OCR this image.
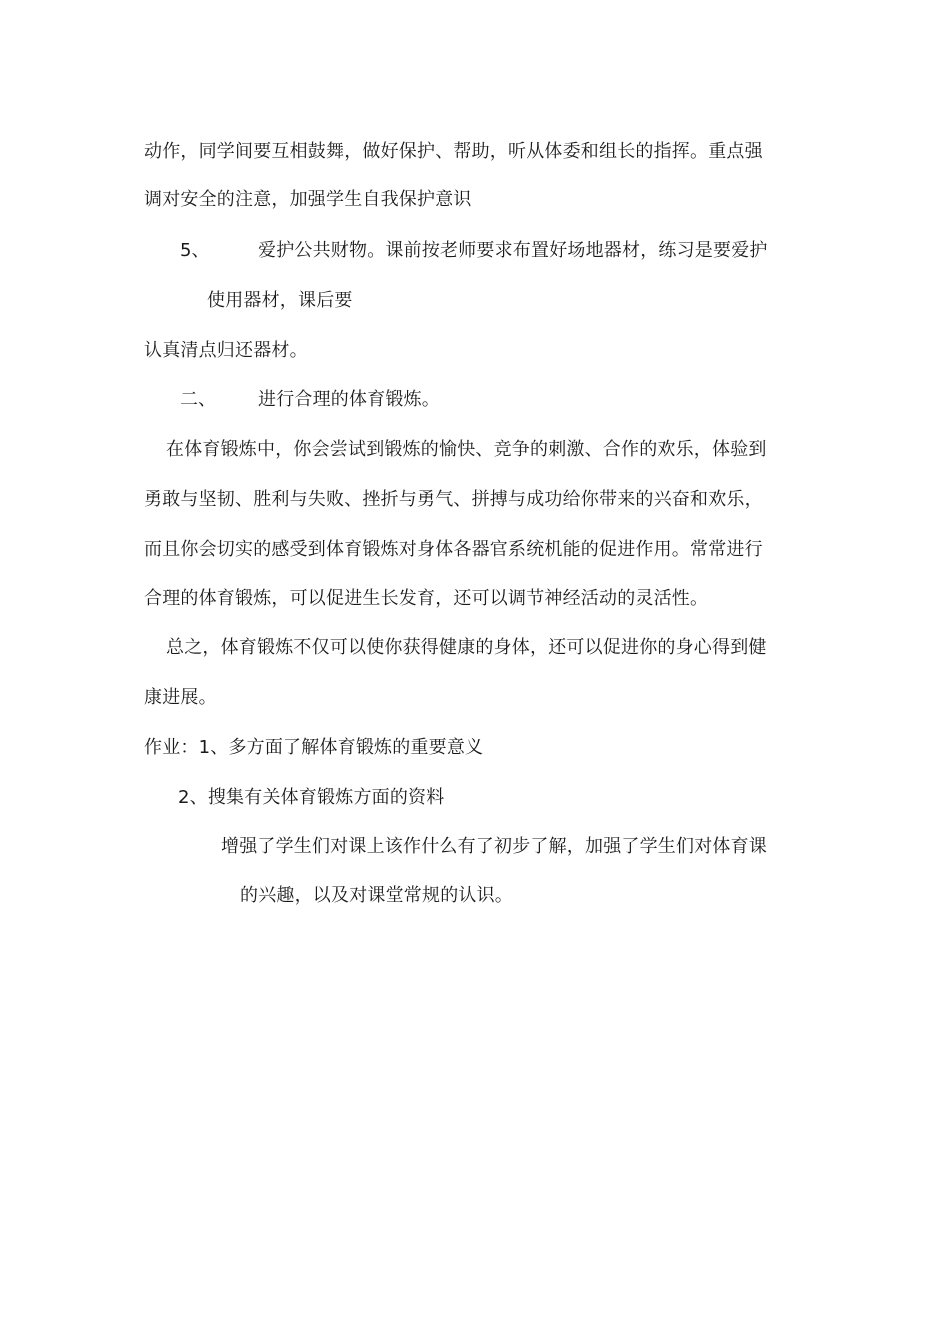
动作，同学间要互相鼓舞，做好保护、帮助，听从体委和组长的指挥。重点强
调对安全的注意，加强学生自我保护意识
5、	爱护公共财物。课前按老师要求布置好场地器材，练习是要爱护
使用器材，课后要
认真清点归还器材。
二、 进行合理的体育锻炼。
在体育锻炼中，你会尝试到锻炼的愉快、竞争的刺激、合作的欢乐，体验到
勇敢与坚韧、胜利与失败、挫折与勇气、拼搏与成功给你带来的兴奋和欢乐，
而且你会切实的感受到体育锻炼对身体各器官系统机能的促进作用。常常进行
合理的体育锻炼，可以促进生长发育，还可以调节神经活动的灵活性。
总之，体育锻炼不仅可以使你获得健康的身体，还可以促进你的身心得到健
康进展。
作业：1、多方面了解体育锻炼的重要意义
2、搜集有关体育锻炼方面的资料
增强了学生们对课上该作什么有了初步了解，加强了学生们对体育课
的兴趣，以及对课堂常规的认识。
